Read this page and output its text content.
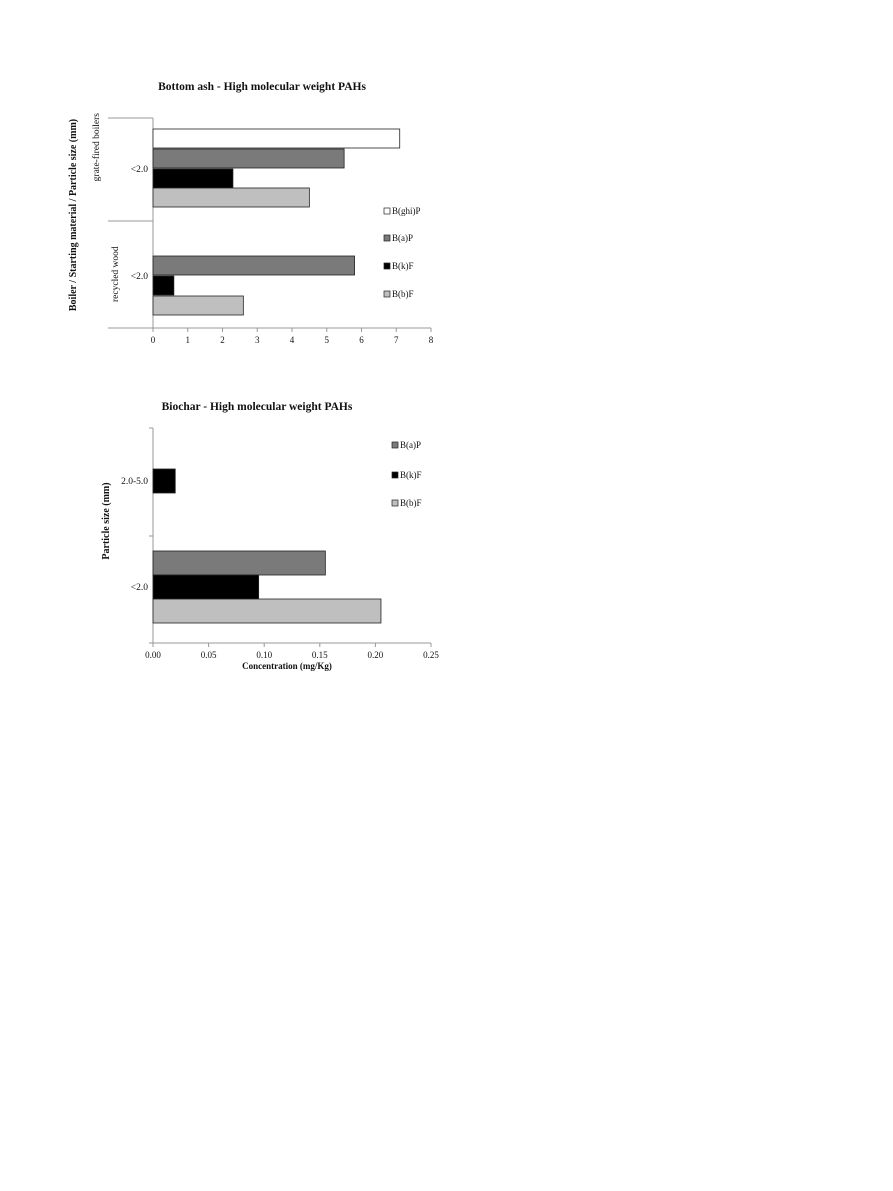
Bottom ash - High molecular weight PAHs
Boiler / Starting material / Particle size (mm) grate-fired boilers
recycled wood
<2.0
<2.0
0	1	2	3	4	5	6	7	8
B(ghi)P
B(a)P
B(k)F
B(b)F
Biochar - High molecular weight PAHs
Particle size (mm)
Concentration (mg/Kg)
2.0-5.0
<2.0
0.00	0.05	0.10	0.15	0.20	0.25
B(a)P
B(k)F
B(b)F
